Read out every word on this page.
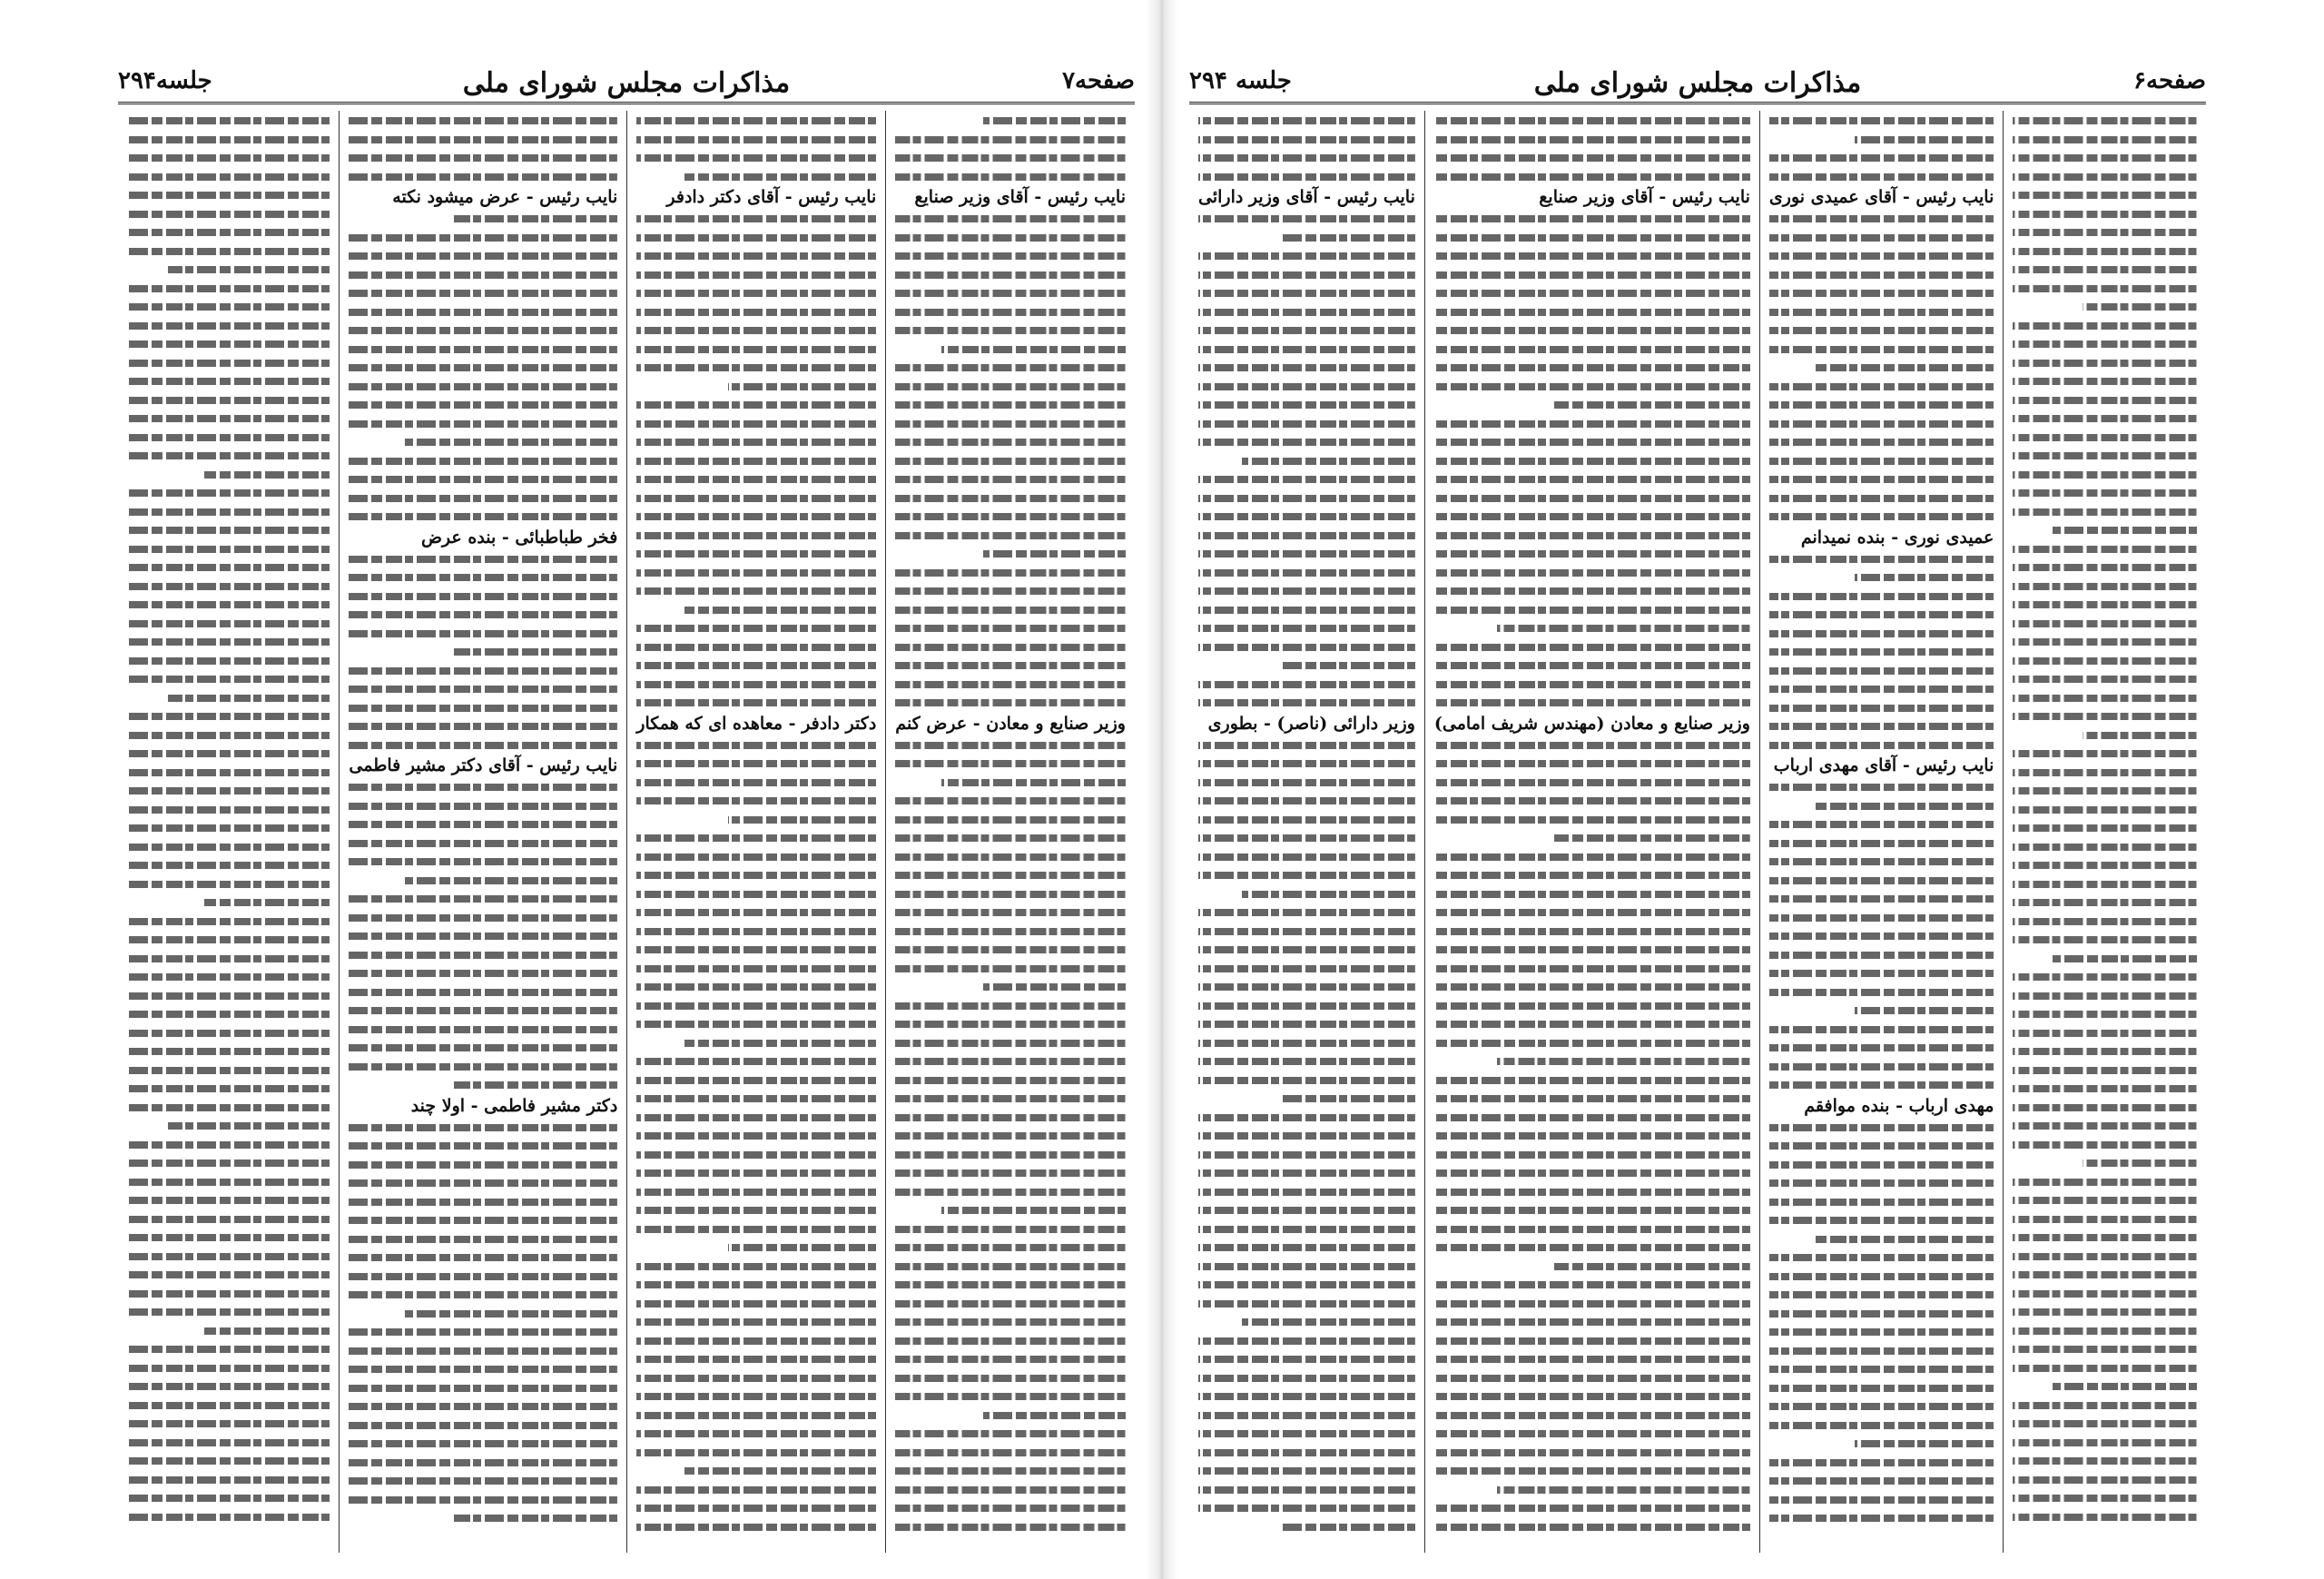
صفحه۷
مذاکرات مجلس شورای ملی
جلسه۲۹۴
نایب رئیس - آقای وزیر صنایع
وزیر صنایع و معادن - عرض کنم
نایب رئیس - آقای دکتر دادفر
دکتر دادفر - معاهده ای که همکار
نایب رئیس - عرض میشود نکته
فخر طباطبائی - بنده عرض
نایب رئیس - آقای دکتر مشیر فاطمی
دکتر مشیر فاطمی - اولا چند
صفحه۶
مذاکرات مجلس شورای ملی
جلسه ۲۹۴
نایب رئیس - آقای عمیدی نوری
عمیدی نوری - بنده نمیدانم
نایب رئیس - آقای مهدی ارباب
مهدی ارباب - بنده موافقم
نایب رئیس - آقای وزیر صنایع
وزیر صنایع و معادن (مهندس شریف امامی)
نایب رئیس - آقای وزیر دارائی
وزیر دارائی (ناصر) - بطوری
